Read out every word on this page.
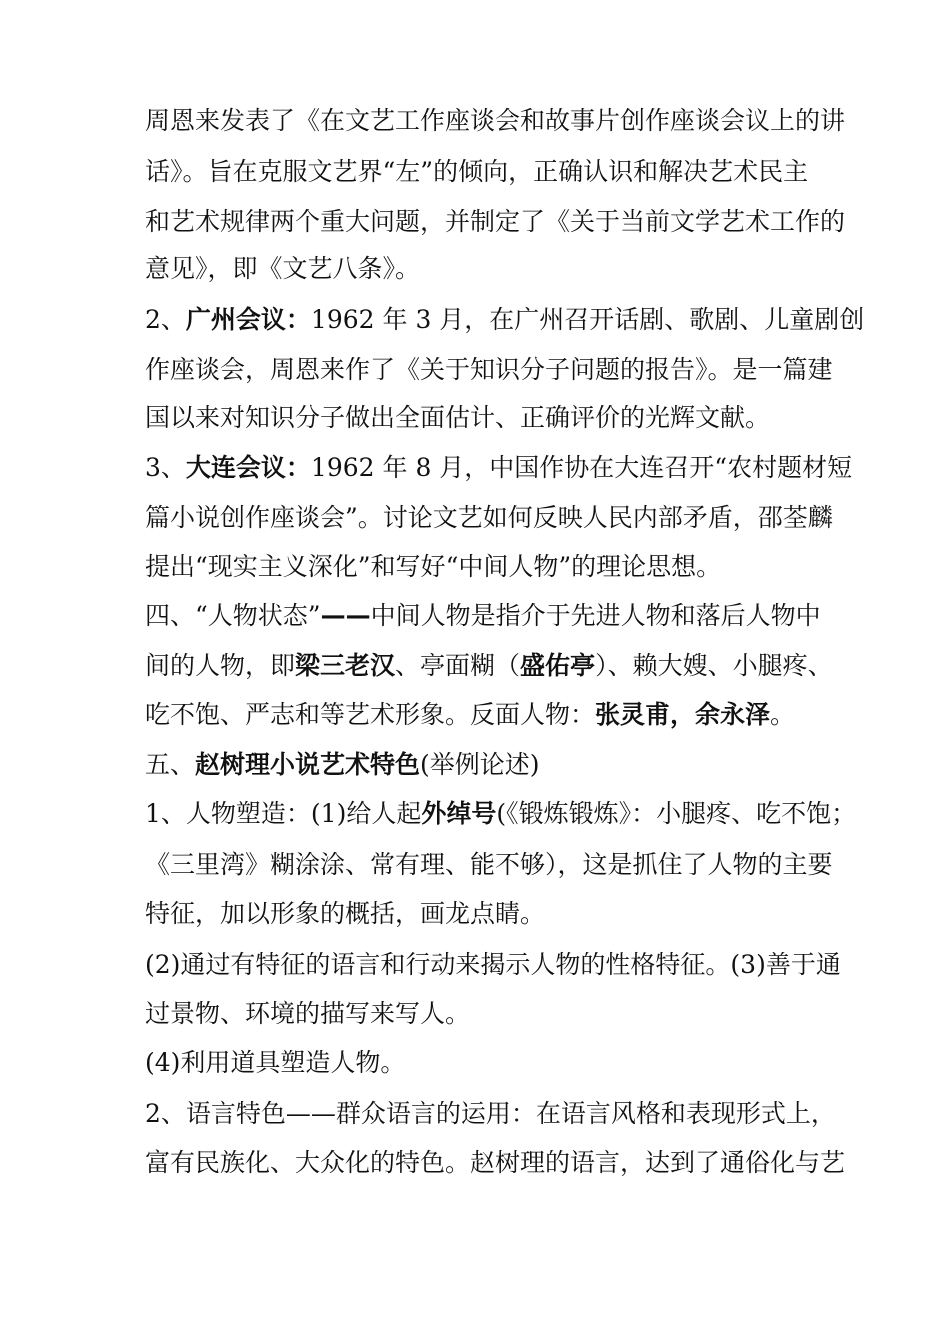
周恩来发表了《在文艺工作座谈会和故事片创作座谈会议上的讲
话》。旨在克服文艺界“左”的倾向，正确认识和解决艺术民主
和艺术规律两个重大问题，并制定了《关于当前文学艺术工作的
意见》，即《文艺八条》。
2、广州会议：1962 年 3 月，在广州召开话剧、歌剧、儿童剧创
作座谈会，周恩来作了《关于知识分子问题的报告》。是一篇建
国以来对知识分子做出全面估计、正确评价的光辉文献。
3、大连会议：1962 年 8 月，中国作协在大连召开“农村题材短
篇小说创作座谈会”。讨论文艺如何反映人民内部矛盾，邵荃麟
提出“现实主义深化”和写好“中间人物”的理论思想。
四、“人物状态”——中间人物是指介于先进人物和落后人物中
间的人物，即梁三老汉、亭面糊（盛佑亭）、赖大嫂、小腿疼、
吃不饱、严志和等艺术形象。反面人物：张灵甫，余永泽。
五、赵树理小说艺术特色(举例论述)
1、人物塑造：(1)给人起外绰号(《锻炼锻炼》：小腿疼、吃不饱；
《三里湾》糊涂涂、常有理、能不够），这是抓住了人物的主要
特征，加以形象的概括，画龙点睛。
(2)通过有特征的语言和行动来揭示人物的性格特征。(3)善于通
过景物、环境的描写来写人。
(4)利用道具塑造人物。
2、语言特色——群众语言的运用：在语言风格和表现形式上，
富有民族化、大众化的特色。赵树理的语言，达到了通俗化与艺
